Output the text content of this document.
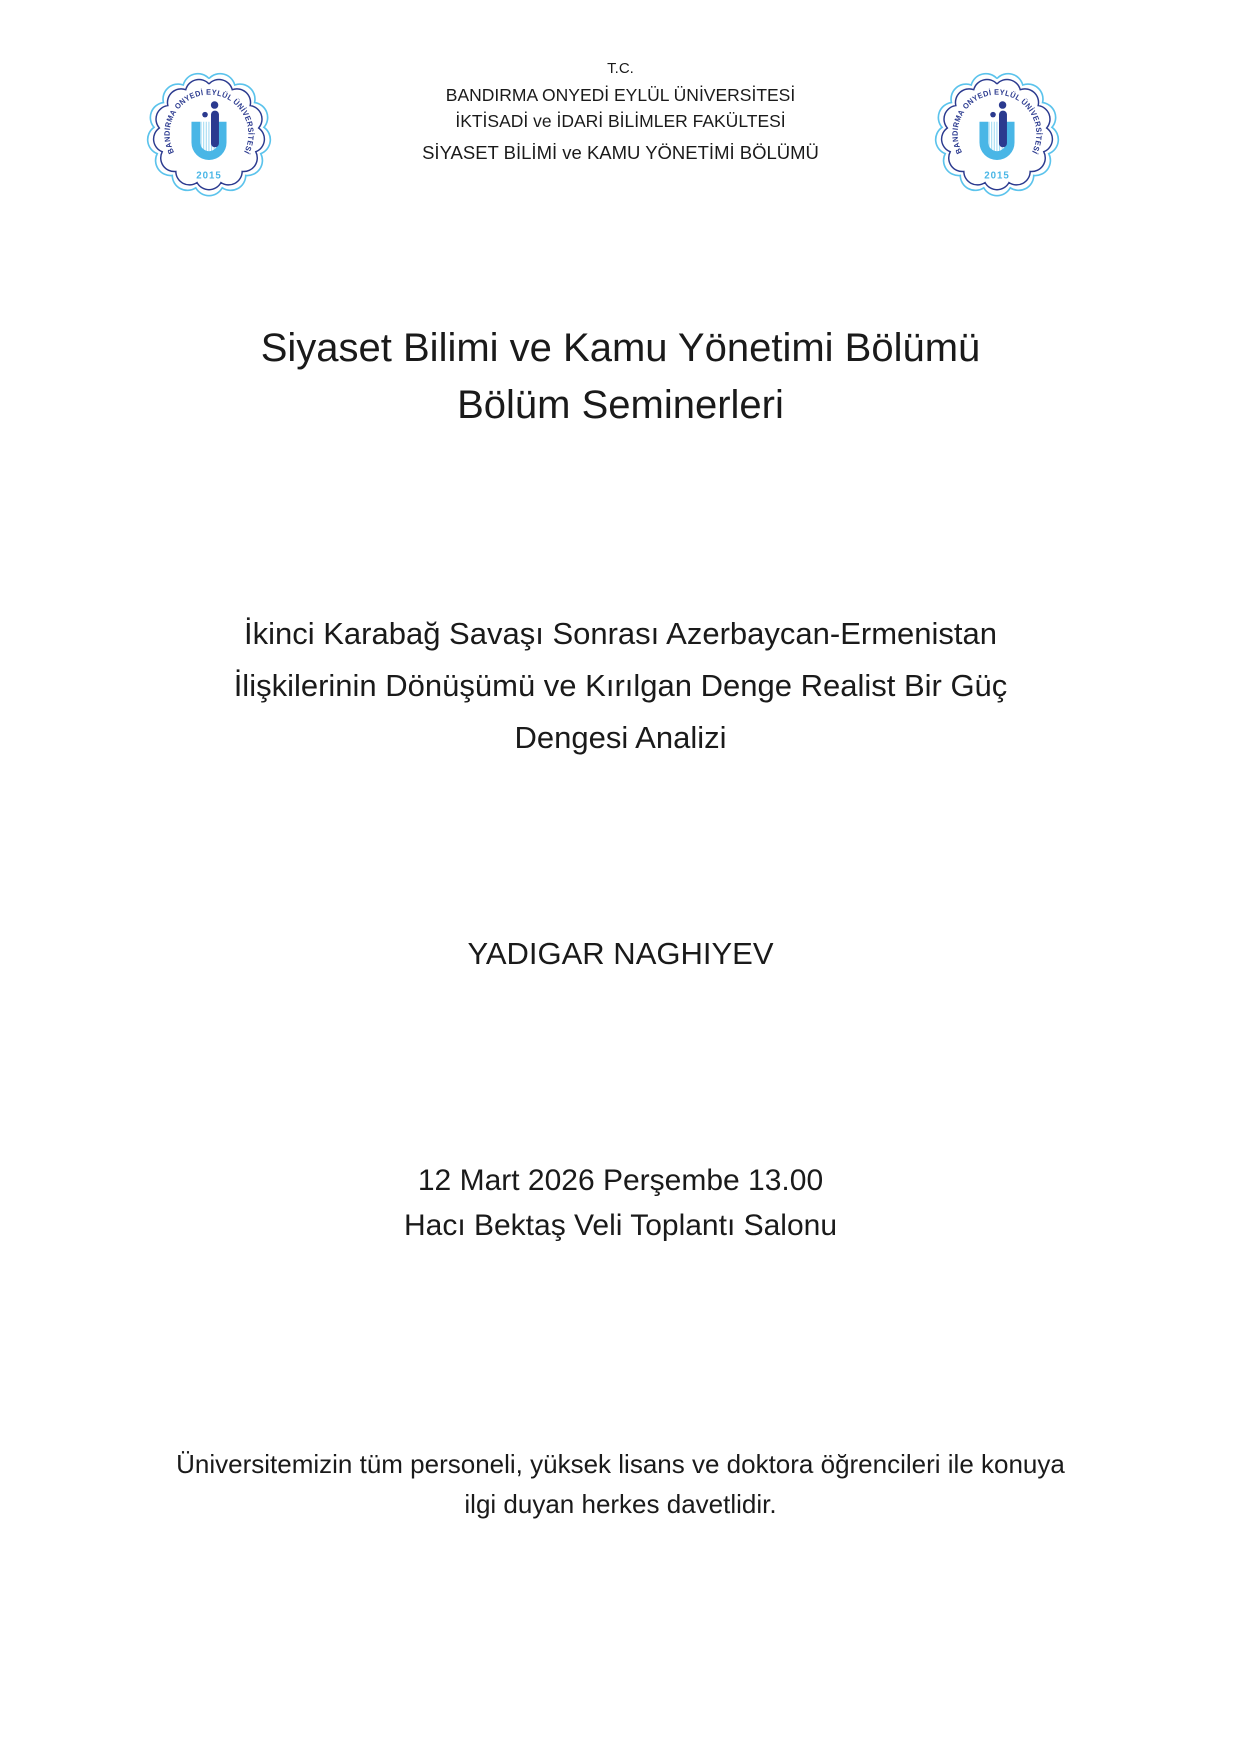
BANDIRMA ONYEDİ EYLÜL ÜNİVERSİTESİ
2015
BANDIRMA ONYEDİ EYLÜL ÜNİVERSİTESİ
2015
T.C.
BANDIRMA ONYEDİ EYLÜL ÜNİVERSİTESİ
İKTİSADİ ve İDARİ BİLİMLER FAKÜLTESİ
SİYASET BİLİMİ ve KAMU YÖNETİMİ BÖLÜMÜ
Siyaset Bilimi ve Kamu Yönetimi Bölümü
Bölüm Seminerleri
İkinci Karabağ Savaşı Sonrası Azerbaycan-Ermenistan
İlişkilerinin Dönüşümü ve Kırılgan Denge Realist Bir Güç
Dengesi Analizi
YADIGAR NAGHIYEV
12 Mart 2026 Perşembe 13.00
Hacı Bektaş Veli Toplantı Salonu
Üniversitemizin tüm personeli, yüksek lisans ve doktora öğrencileri ile konuya
ilgi duyan herkes davetlidir.
